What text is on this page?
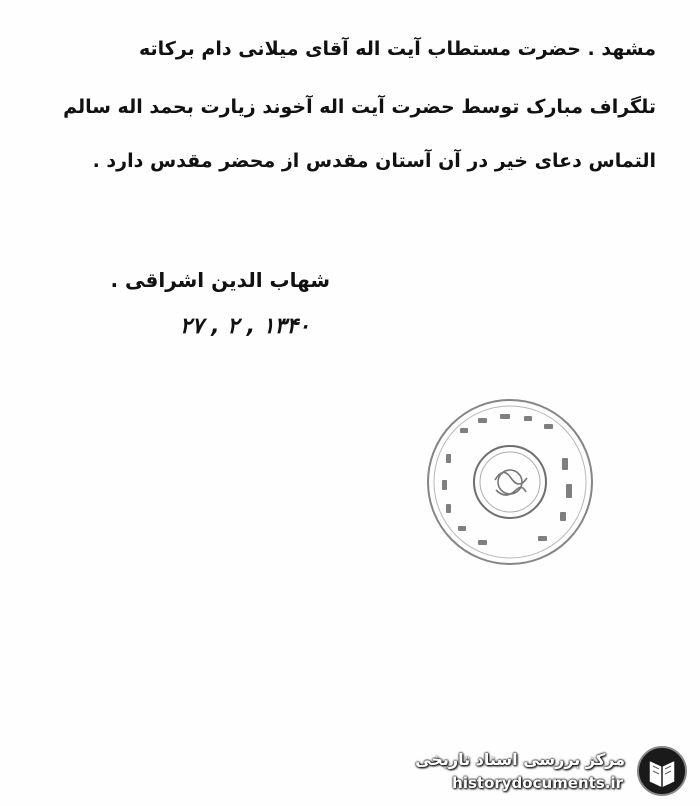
مشهد . حضرت مستطاب آیت اله آقای میلانی دام برکاته
تلگراف مبارک توسط حضرت آیت اله آخوند زیارت بحمد اله سالم
التماس دعای خیر در آن آستان مقدس از محضر مقدس دارد .
شهاب الدین اشراقی .
۲۷ , ۲ , ۱۳۴۰
مرکز بررسی اسناد تاریخی
historydocuments.ir
